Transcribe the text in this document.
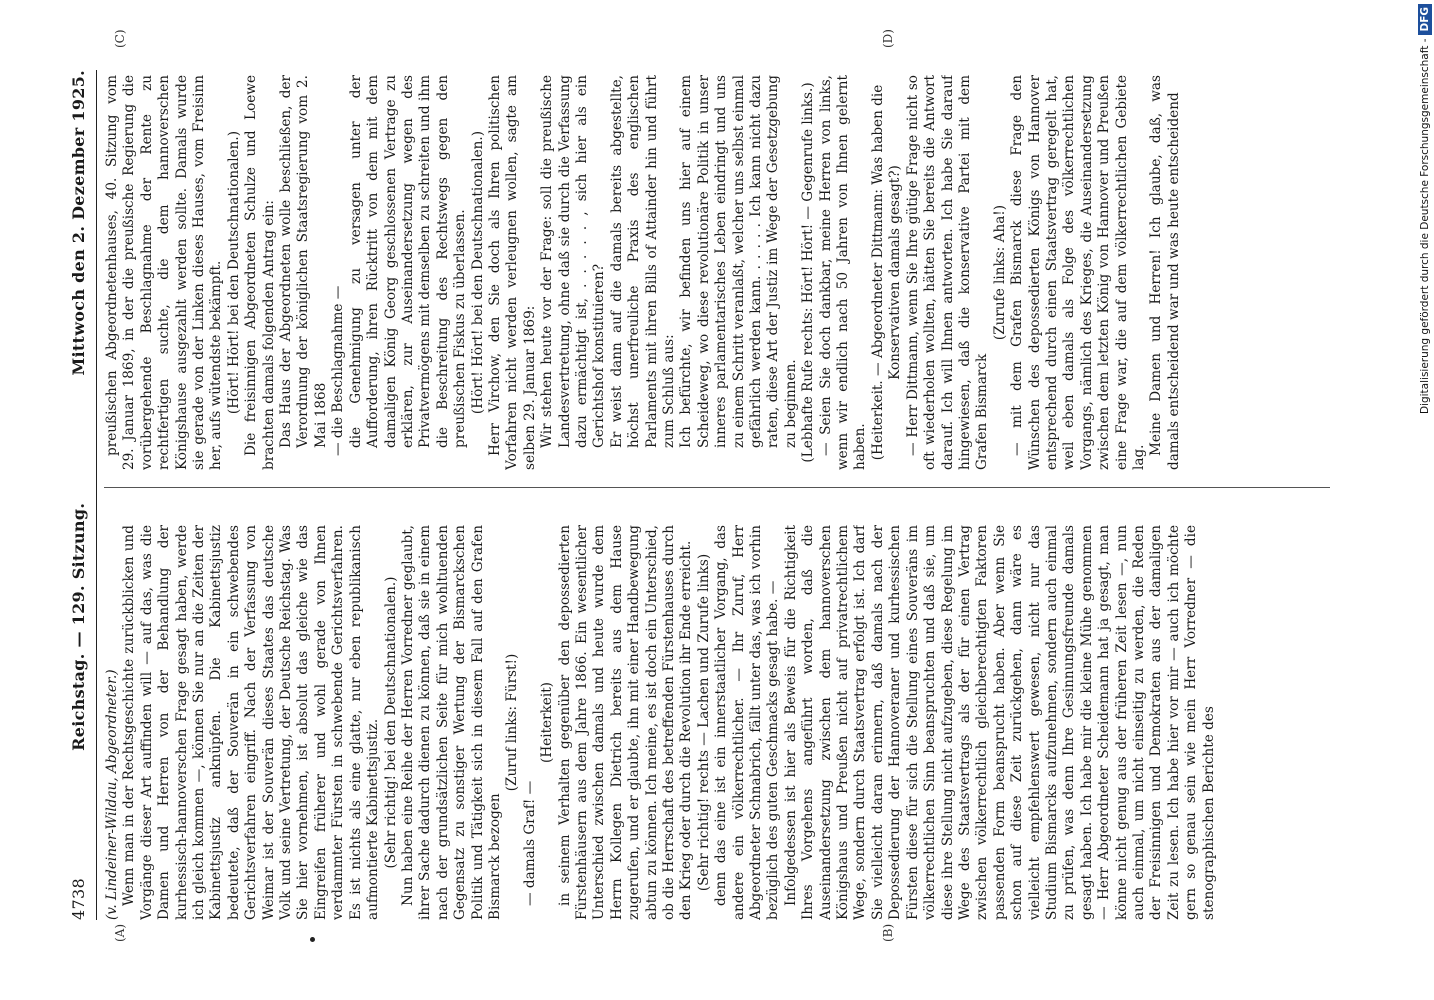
4738
Reichstag. — 129. Sitzung.
Mittwoch den 2. Dezember 1925.
(A)	(B)
(C)	(D)

(v. Lindeiner-Wildau, Abgeordneter.) Wenn man in der Rechtsgeschichte zurückblicken und Vorgänge dieser Art auffinden will — auf das, was die Damen und Herren von der Behandlung der kurhessisch-hannoverschen Frage gesagt haben, werde ich gleich kommen —, können Sie nur an die Zeiten der Kabinettsjustiz anknüpfen. Die Kabinettsjustiz bedeutete, daß der Souverän in ein schwebendes Gerichtsverfahren eingriff. Nach der Verfassung von Weimar ist der Souverän dieses Staates das deutsche Volk und seine Vertretung, der Deutsche Reichstag. Was Sie hier vornehmen, ist absolut das gleiche wie das Eingreifen früherer und wohl gerade von Ihnen verdammter Fürsten in schwebende Gerichtsverfahren. Es ist nichts als eine glatte, nur eben republikanisch aufmontierte Kabinettsjustiz. (Sehr richtig! bei den Deutschnationalen.) Nun haben eine Reihe der Herren Vorredner geglaubt, ihrer Sache dadurch dienen zu können, daß sie in einem nach der grundsätzlichen Seite für mich wohltuenden Gegensatz zu sonstiger Wertung der Bismarckschen Politik und Tätigkeit sich in diesem Fall auf den Grafen Bismarck bezogen

(Zuruf links: Fürst!)

— damals Graf! —

(Heiterkeit) in seinem Verhalten gegenüber den depossedierten Fürstenhäusern aus dem Jahre 1866. Ein wesentlicher Unterschied zwischen damals und heute wurde dem Herrn Kollegen Dietrich bereits aus dem Hause zugerufen, und er glaubte, ihn mit einer Handbewegung abtun zu können. Ich meine, es ist doch ein Unterschied, ob die Herrschaft des betreffenden Fürstenhauses durch den Krieg oder durch die Revolution ihr Ende erreicht. (Sehr richtig! rechts — Lachen und Zurufe links) denn das eine ist ein innerstaatlicher Vorgang, das andere ein völkerrechtlicher. — Ihr Zuruf, Herr Abgeordneter Schnabrich, fällt unter das, was ich vorhin bezüglich des guten Geschmacks gesagt habe. — Infolgedessen ist hier als Beweis für die Richtigkeit Ihres Vorgehens angeführt worden, daß die Auseinandersetzung zwischen dem hannoverschen Königshaus und Preußen nicht auf privatrechtlichem Wege, sondern durch Staatsvertrag erfolgt ist. Ich darf Sie vielleicht daran erinnern, daß damals nach der Depossedierung der Hannoveraner und kurhessischen Fürsten diese für sich die Stellung eines Souveräns im völkerrechtlichen Sinn beanspruchten und daß sie, um diese ihre Stellung nicht aufzugeben, diese Regelung im Wege des Staatsvertrags als der für einen Vertrag zwischen völkerrechtlich gleichberechtigten Faktoren passenden Form beansprucht haben. Aber wenn Sie schon auf diese Zeit zurückgehen, dann wäre es vielleicht empfehlenswert gewesen, nicht nur das Studium Bismarcks aufzunehmen, sondern auch einmal zu prüfen, was denn Ihre Gesinnungsfreunde damals gesagt haben. Ich habe mir die kleine Mühe genommen — Herr Abgeordneter Scheidemann hat ja gesagt, man könne nicht genug aus der früheren Zeit lesen —, nun auch einmal, um nicht einseitig zu werden, die Reden der Freisinnigen und Demokraten aus der damaligen Zeit zu lesen. Ich habe hier vor mir — auch ich möchte gern so genau sein wie mein Herr Vorredner — die stenographischen Berichte des

preußischen Abgeordnetenhauses, 40. Sitzung vom 29. Januar 1869, in der die preußische Regierung die vorübergehende Beschlagnahme der Rente zu rechtfertigen suchte, die dem hannoverschen Königshause ausgezahlt werden sollte. Damals wurde sie gerade von der Linken dieses Hauses, vom Freisinn her, aufs wütendste bekämpft. (Hört! Hört! bei den Deutschnationalen.) Die freisinnigen Abgeordneten Schulze und Loewe brachten damals folgenden Antrag ein: Das Haus der Abgeordneten wolle beschließen, der Verordnung der königlichen Staatsregierung vom 2. Mai 1868 — die Beschlagnahme — die Genehmigung zu versagen unter der Aufforderung, ihren Rücktritt von dem mit dem damaligen König Georg geschlossenen Vertrage zu erklären, zur Auseinandersetzung wegen des Privatvermögens mit demselben zu schreiten und ihm die Beschreitung des Rechtswegs gegen den preußischen Fiskus zu überlassen. (Hört! Hört! bei den Deutschnationalen.) Herr Virchow, den Sie doch als Ihren politischen Vorfahren nicht werden verleugnen wollen, sagte am selben 29. Januar 1869: Wir stehen heute vor der Frage: soll die preußische Landesvertretung, ohne daß sie durch die Verfassung dazu ermächtigt ist, . . . . . , sich hier als ein Gerichtshof konstituieren? Er weist dann auf die damals bereits abgestellte, höchst unerfreuliche Praxis des englischen Parlaments mit ihren Bills of Attainder hin und führt zum Schluß aus: Ich befürchte, wir befinden uns hier auf einem Scheideweg, wo diese revolutionäre Politik in unser inneres parlamentarisches Leben eindringt und uns zu einem Schritt veranlaßt, welcher uns selbst einmal gefährlich werden kann. . . . . . Ich kann nicht dazu raten, diese Art der Justiz im Wege der Gesetzgebung zu beginnen. (Lebhafte Rufe rechts: Hört! Hört! — Gegenrufe links.) — Seien Sie doch dankbar, meine Herren von links, wenn wir endlich nach 50 Jahren von Ihnen gelernt haben. (Heiterkeit. — Abgeordneter Dittmann: Was haben die Konservativen damals gesagt?) — Herr Dittmann, wenn Sie Ihre gütige Frage nicht so oft wiederholen wollten, hätten Sie bereits die Antwort darauf. Ich will Ihnen antworten. Ich habe Sie darauf hingewiesen, daß die konservative Partei mit dem Grafen Bismarck

(Zurufe links: Aha!) — mit dem Grafen Bismarck diese Frage den Wünschen des depossedierten Königs von Hannover entsprechend durch einen Staatsvertrag geregelt hat, weil eben damals als Folge des völkerrechtlichen Vorgangs, nämlich des Krieges, die Auseinandersetzung zwischen dem letzten König von Hannover und Preußen eine Frage war, die auf dem völkerrechtlichen Gebiete lag.

Meine Damen und Herren! Ich glaube, daß, was damals entscheidend war und was heute entscheidend	Digitalisierung gefördert durch die Deutsche Forschungsgemeinschaft -DFG
